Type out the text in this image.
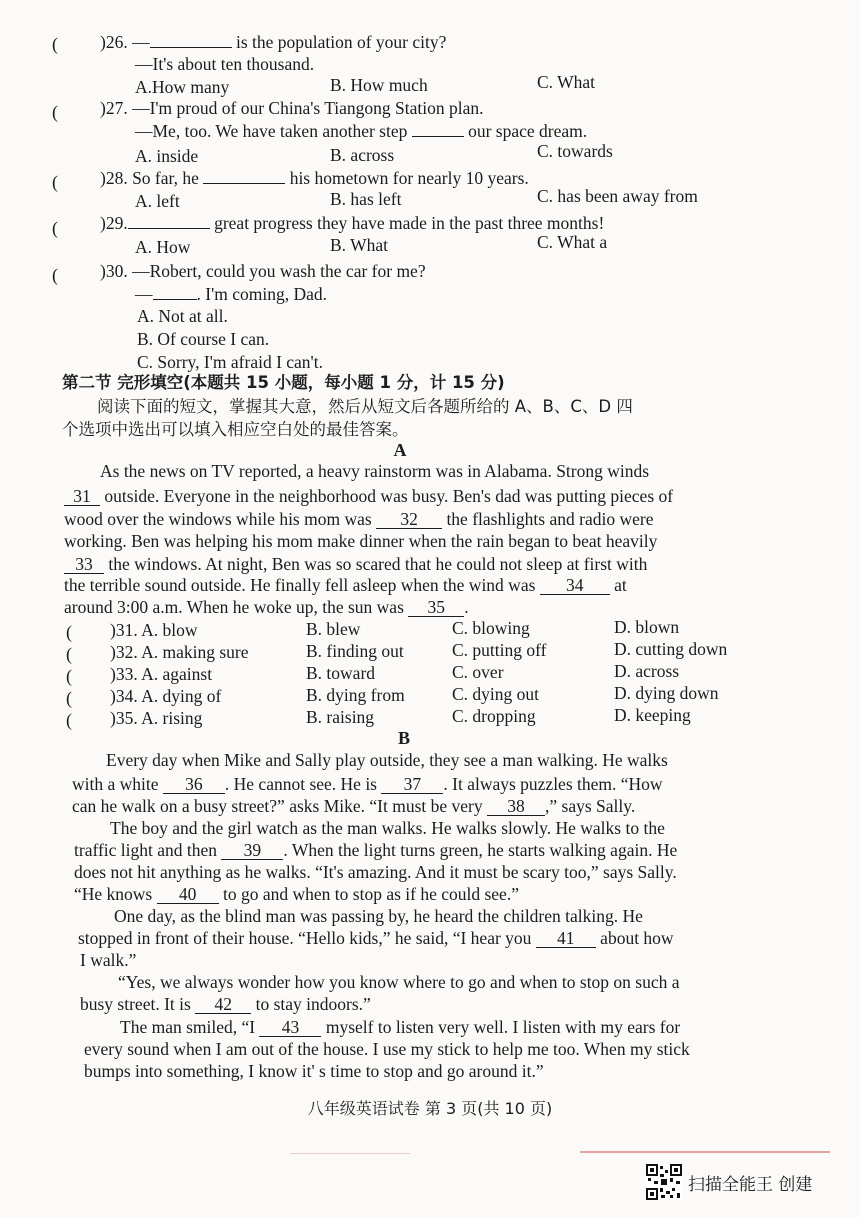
( )26. —	is the population of your city?
—It's about ten thousand.
A.How many	B. How much	C. What
( )27. —I'm proud of our China's Tiangong Station plan.
—Me, too. We have taken another step	our space dream.
A. inside	B. across	C. towards
( )28. So far, he	his hometown for nearly 10 years.
A. left	B. has left	C. has been away from
( )29.	great progress they have made in the past three months!
A. How	B. What	C. What a
( )30. —Robert, could you wash the car for me?
—	. I'm coming, Dad.
A. Not at all.
B. Of course I can.
C. Sorry, I'm afraid I can't.
第二节 完形填空(本题共 15 小题，每小题 1 分，计 15 分)
阅读下面的短文，掌握其大意，然后从短文后各题所给的 A、B、C、D 四
个选项中选出可以填入相应空白处的最佳答案。
A
As the news on TV reported, a heavy rainstorm was in Alabama. Strong winds
31 outside. Everyone in the neighborhood was busy. Ben's dad was putting pieces of
wood over the windows while his mom was 32 the flashlights and radio were
working. Ben was helping his mom make dinner when the rain began to beat heavily
33 the windows. At night, Ben was so scared that he could not sleep at first with
the terrible sound outside. He finally fell asleep when the wind was 34 at
around 3:00 a.m. When he woke up, the sun was 35 .
( )31. A. blow	B. blew	C. blowing	D. blown
( )32. A. making sure	B. finding out	C. putting off	D. cutting down
( )33. A. against	B. toward	C. over	D. across
( )34. A. dying of	B. dying from	C. dying out	D. dying down
( )35. A. rising	B. raising	C. dropping	D. keeping
B
Every day when Mike and Sally play outside, they see a man walking. He walks
with a white 36 . He cannot see. He is 37 . It always puzzles them. “How
can he walk on a busy street?” asks Mike. “It must be very 38 ,” says Sally.
The boy and the girl watch as the man walks. He walks slowly. He walks to the
traffic light and then 39 . When the light turns green, he starts walking again. He
does not hit anything as he walks. “It's amazing. And it must be scary too,” says Sally.
“He knows 40 to go and when to stop as if he could see.”
One day, as the blind man was passing by, he heard the children talking. He
stopped in front of their house. “Hello kids,” he said, “I hear you 41 about how
I walk.”
“Yes, we always wonder how you know where to go and when to stop on such a
busy street. It is 42 to stay indoors.”
The man smiled, “I 43 myself to listen very well. I listen with my ears for
every sound when I am out of the house. I use my stick to help me too. When my stick
bumps into something, I know it' s time to stop and go around it.”
八年级英语试卷 第 3 页(共 10 页)
扫描全能王 创建
